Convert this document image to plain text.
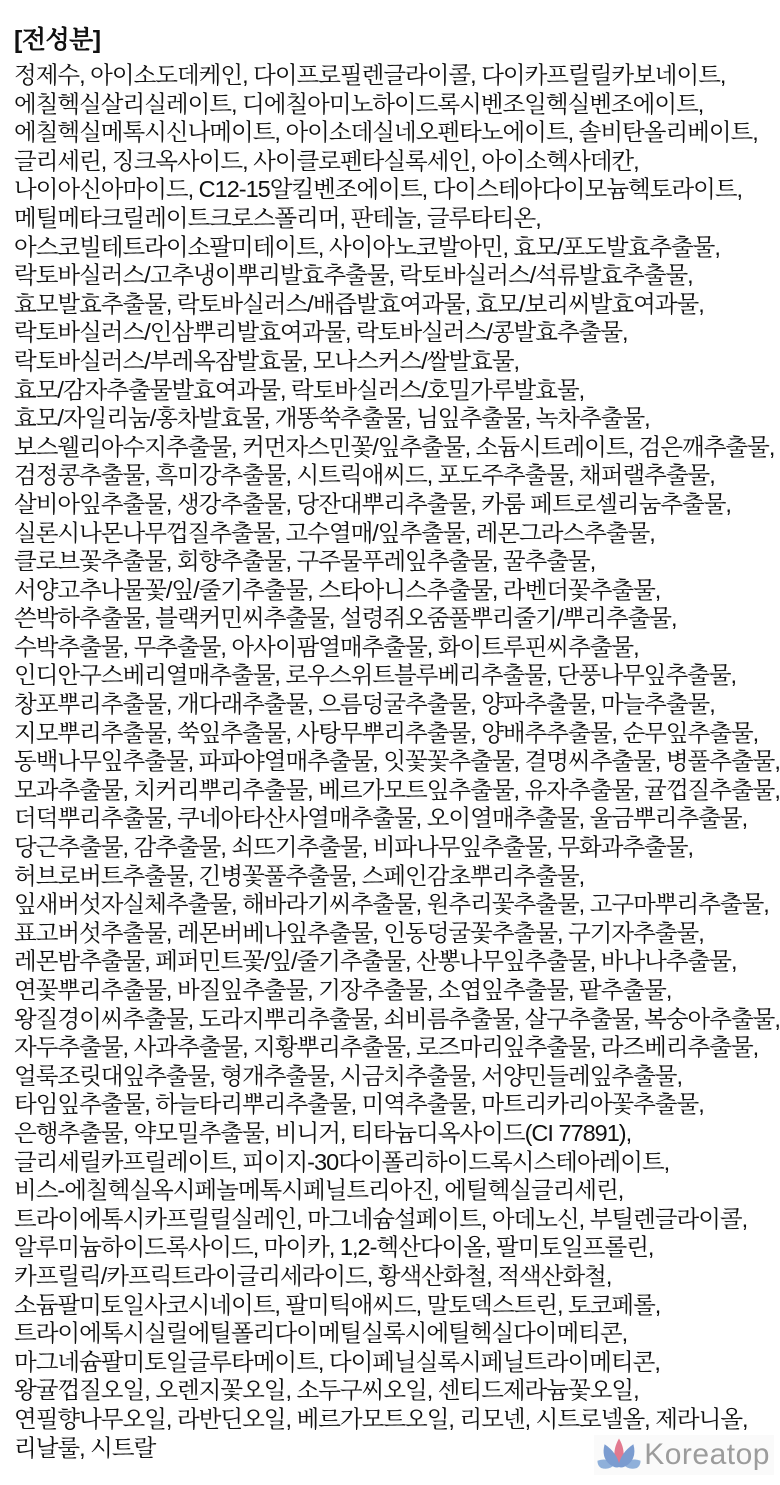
[전성분]
정제수, 아이소도데케인, 다이프로필렌글라이콜, 다이카프릴릴카보네이트,
에칠헥실살리실레이트, 디에칠아미노하이드록시벤조일헥실벤조에이트,
에칠헥실메톡시신나메이트, 아이소데실네오펜타노에이트, 솔비탄올리베이트,
글리세린, 징크옥사이드, 사이클로펜타실록세인, 아이소헥사데칸,
나이아신아마이드, C12-15알킬벤조에이트, 다이스테아다이모늄헥토라이트,
메틸메타크릴레이트크로스폴리머, 판테놀, 글루타티온,
아스코빌테트라이소팔미테이트, 사이아노코발아민, 효모/포도발효추출물,
락토바실러스/고추냉이뿌리발효추출물, 락토바실러스/석류발효추출물,
효모발효추출물, 락토바실러스/배즙발효여과물, 효모/보리씨발효여과물,
락토바실러스/인삼뿌리발효여과물, 락토바실러스/콩발효추출물,
락토바실러스/부레옥잠발효물, 모나스커스/쌀발효물,
효모/감자추출물발효여과물, 락토바실러스/호밀가루발효물,
효모/자일리눔/홍차발효물, 개똥쑥추출물, 님잎추출물, 녹차추출물,
보스웰리아수지추출물, 커먼자스민꽃/잎추출물, 소듐시트레이트, 검은깨추출물,
검정콩추출물, 흑미강추출물, 시트릭애씨드, 포도주추출물, 채퍼랠추출물,
살비아잎추출물, 생강추출물, 당잔대뿌리추출물, 카룸 페트로셀리눔추출물,
실론시나몬나무껍질추출물, 고수열매/잎추출물, 레몬그라스추출물,
클로브꽃추출물, 회향추출물, 구주물푸레잎추출물, 꿀추출물,
서양고추나물꽃/잎/줄기추출물, 스타아니스추출물, 라벤더꽃추출물,
쓴박하추출물, 블랙커민씨추출물, 설령쥐오줌풀뿌리줄기/뿌리추출물,
수박추출물, 무추출물, 아사이팜열매추출물, 화이트루핀씨추출물,
인디안구스베리열매추출물, 로우스위트블루베리추출물, 단풍나무잎추출물,
창포뿌리추출물, 개다래추출물, 으름덩굴추출물, 양파추출물, 마늘추출물,
지모뿌리추출물, 쑥잎추출물, 사탕무뿌리추출물, 양배추추출물, 순무잎추출물,
동백나무잎추출물, 파파야열매추출물, 잇꽃꽃추출물, 결명씨추출물, 병풀추출물,
모과추출물, 치커리뿌리추출물, 베르가모트잎추출물, 유자추출물, 귤껍질추출물,
더덕뿌리추출물, 쿠네아타산사열매추출물, 오이열매추출물, 울금뿌리추출물,
당근추출물, 감추출물, 쇠뜨기추출물, 비파나무잎추출물, 무화과추출물,
허브로버트추출물, 긴병꽃풀추출물, 스페인감초뿌리추출물,
잎새버섯자실체추출물, 해바라기씨추출물, 원추리꽃추출물, 고구마뿌리추출물,
표고버섯추출물, 레몬버베나잎추출물, 인동덩굴꽃추출물, 구기자추출물,
레몬밤추출물, 페퍼민트꽃/잎/줄기추출물, 산뽕나무잎추출물, 바나나추출물,
연꽃뿌리추출물, 바질잎추출물, 기장추출물, 소엽잎추출물, 팥추출물,
왕질경이씨추출물, 도라지뿌리추출물, 쇠비름추출물, 살구추출물, 복숭아추출물,
자두추출물, 사과추출물, 지황뿌리추출물, 로즈마리잎추출물, 라즈베리추출물,
얼룩조릿대잎추출물, 형개추출물, 시금치추출물, 서양민들레잎추출물,
타임잎추출물, 하늘타리뿌리추출물, 미역추출물, 마트리카리아꽃추출물,
은행추출물, 약모밀추출물, 비니거, 티타늄디옥사이드(CI 77891),
글리세릴카프릴레이트, 피이지-30다이폴리하이드록시스테아레이트,
비스-에칠헥실옥시페놀메톡시페닐트리아진, 에틸헥실글리세린,
트라이에톡시카프릴릴실레인, 마그네슘설페이트, 아데노신, 부틸렌글라이콜,
알루미늄하이드록사이드, 마이카, 1,2-헥산다이올, 팔미토일프롤린,
카프릴릭/카프릭트라이글리세라이드, 황색산화철, 적색산화철,
소듐팔미토일사코시네이트, 팔미틱애씨드, 말토덱스트린, 토코페롤,
트라이에톡시실릴에틸폴리다이메틸실록시에틸헥실다이메티콘,
마그네슘팔미토일글루타메이트, 다이페닐실록시페닐트라이메티콘,
왕귤껍질오일, 오렌지꽃오일, 소두구씨오일, 센티드제라늄꽃오일,
연필향나무오일, 라반딘오일, 베르가모트오일, 리모넨, 시트로넬올, 제라니올,
리날룰, 시트랄	Koreatop
